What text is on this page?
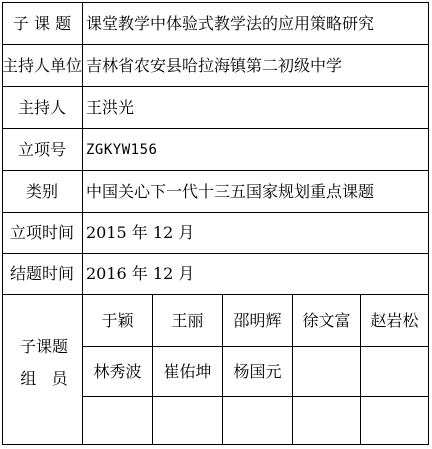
子 课 题 课堂教学中体验式教学法的应用策略研究
主持人单位 吉林省农安县哈拉海镇第二初级中学
主持人	王洪光
立项号	ZGKYW156
类别	中国关心下一代十三五国家规划重点课题
立项时间 2015 年 12 月
结题时间 2016 年 12 月
子课题
组   员
于颖	王丽	邵明辉	徐文富	赵岩松
林秀波	崔佑坤	杨国元
